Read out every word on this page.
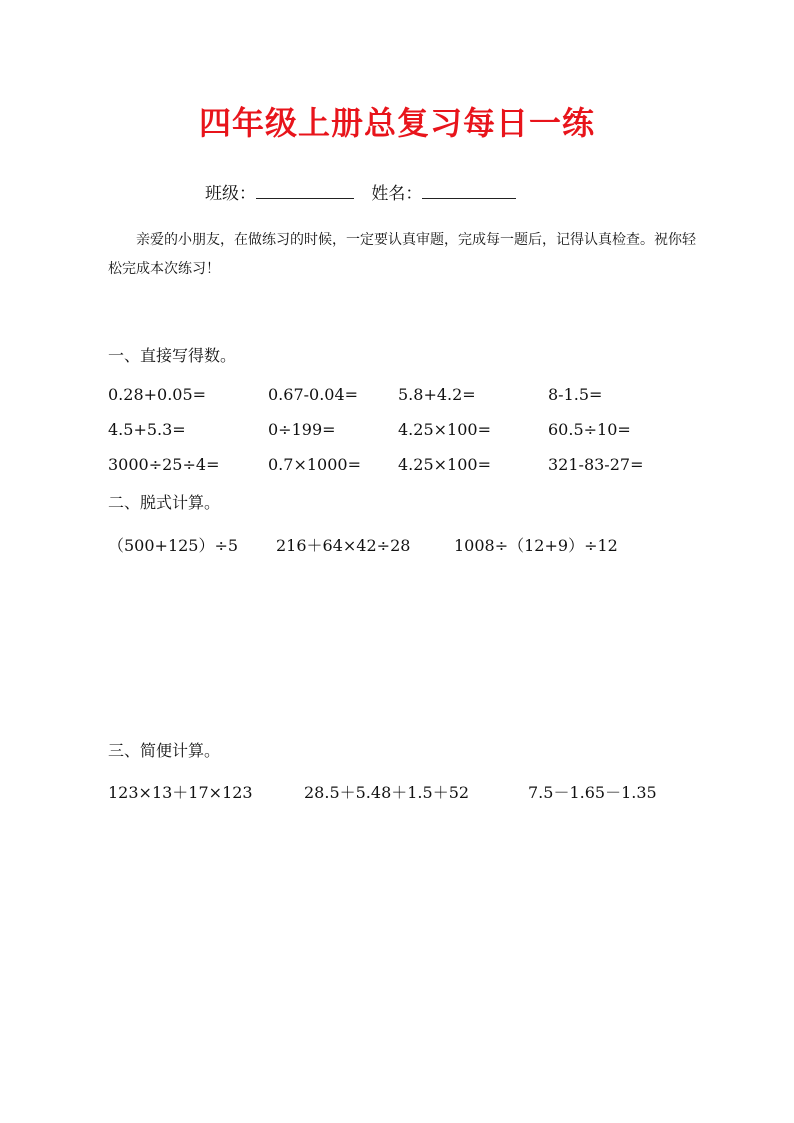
四年级上册总复习每日一练
班级：	姓名：
亲爱的小朋友，在做练习的时候，一定要认真审题，完成每一题后，记得认真检查。祝你轻松完成本次练习！
一、直接写得数。
0.28+0.05=	0.67-0.04= 5.8+4.2=	8-1.5=
4.5+5.3=	0÷199=	4.25×100=	60.5÷10=
3000÷25÷4=	0.7×1000= 4.25×100=	321-83-27=
二、脱式计算。
（500+125）÷5 216＋64×42÷28	1008÷（12+9）÷12
三、简便计算。
123×13＋17×123	28.5＋5.48＋1.5＋52	7.5－1.65－1.35
